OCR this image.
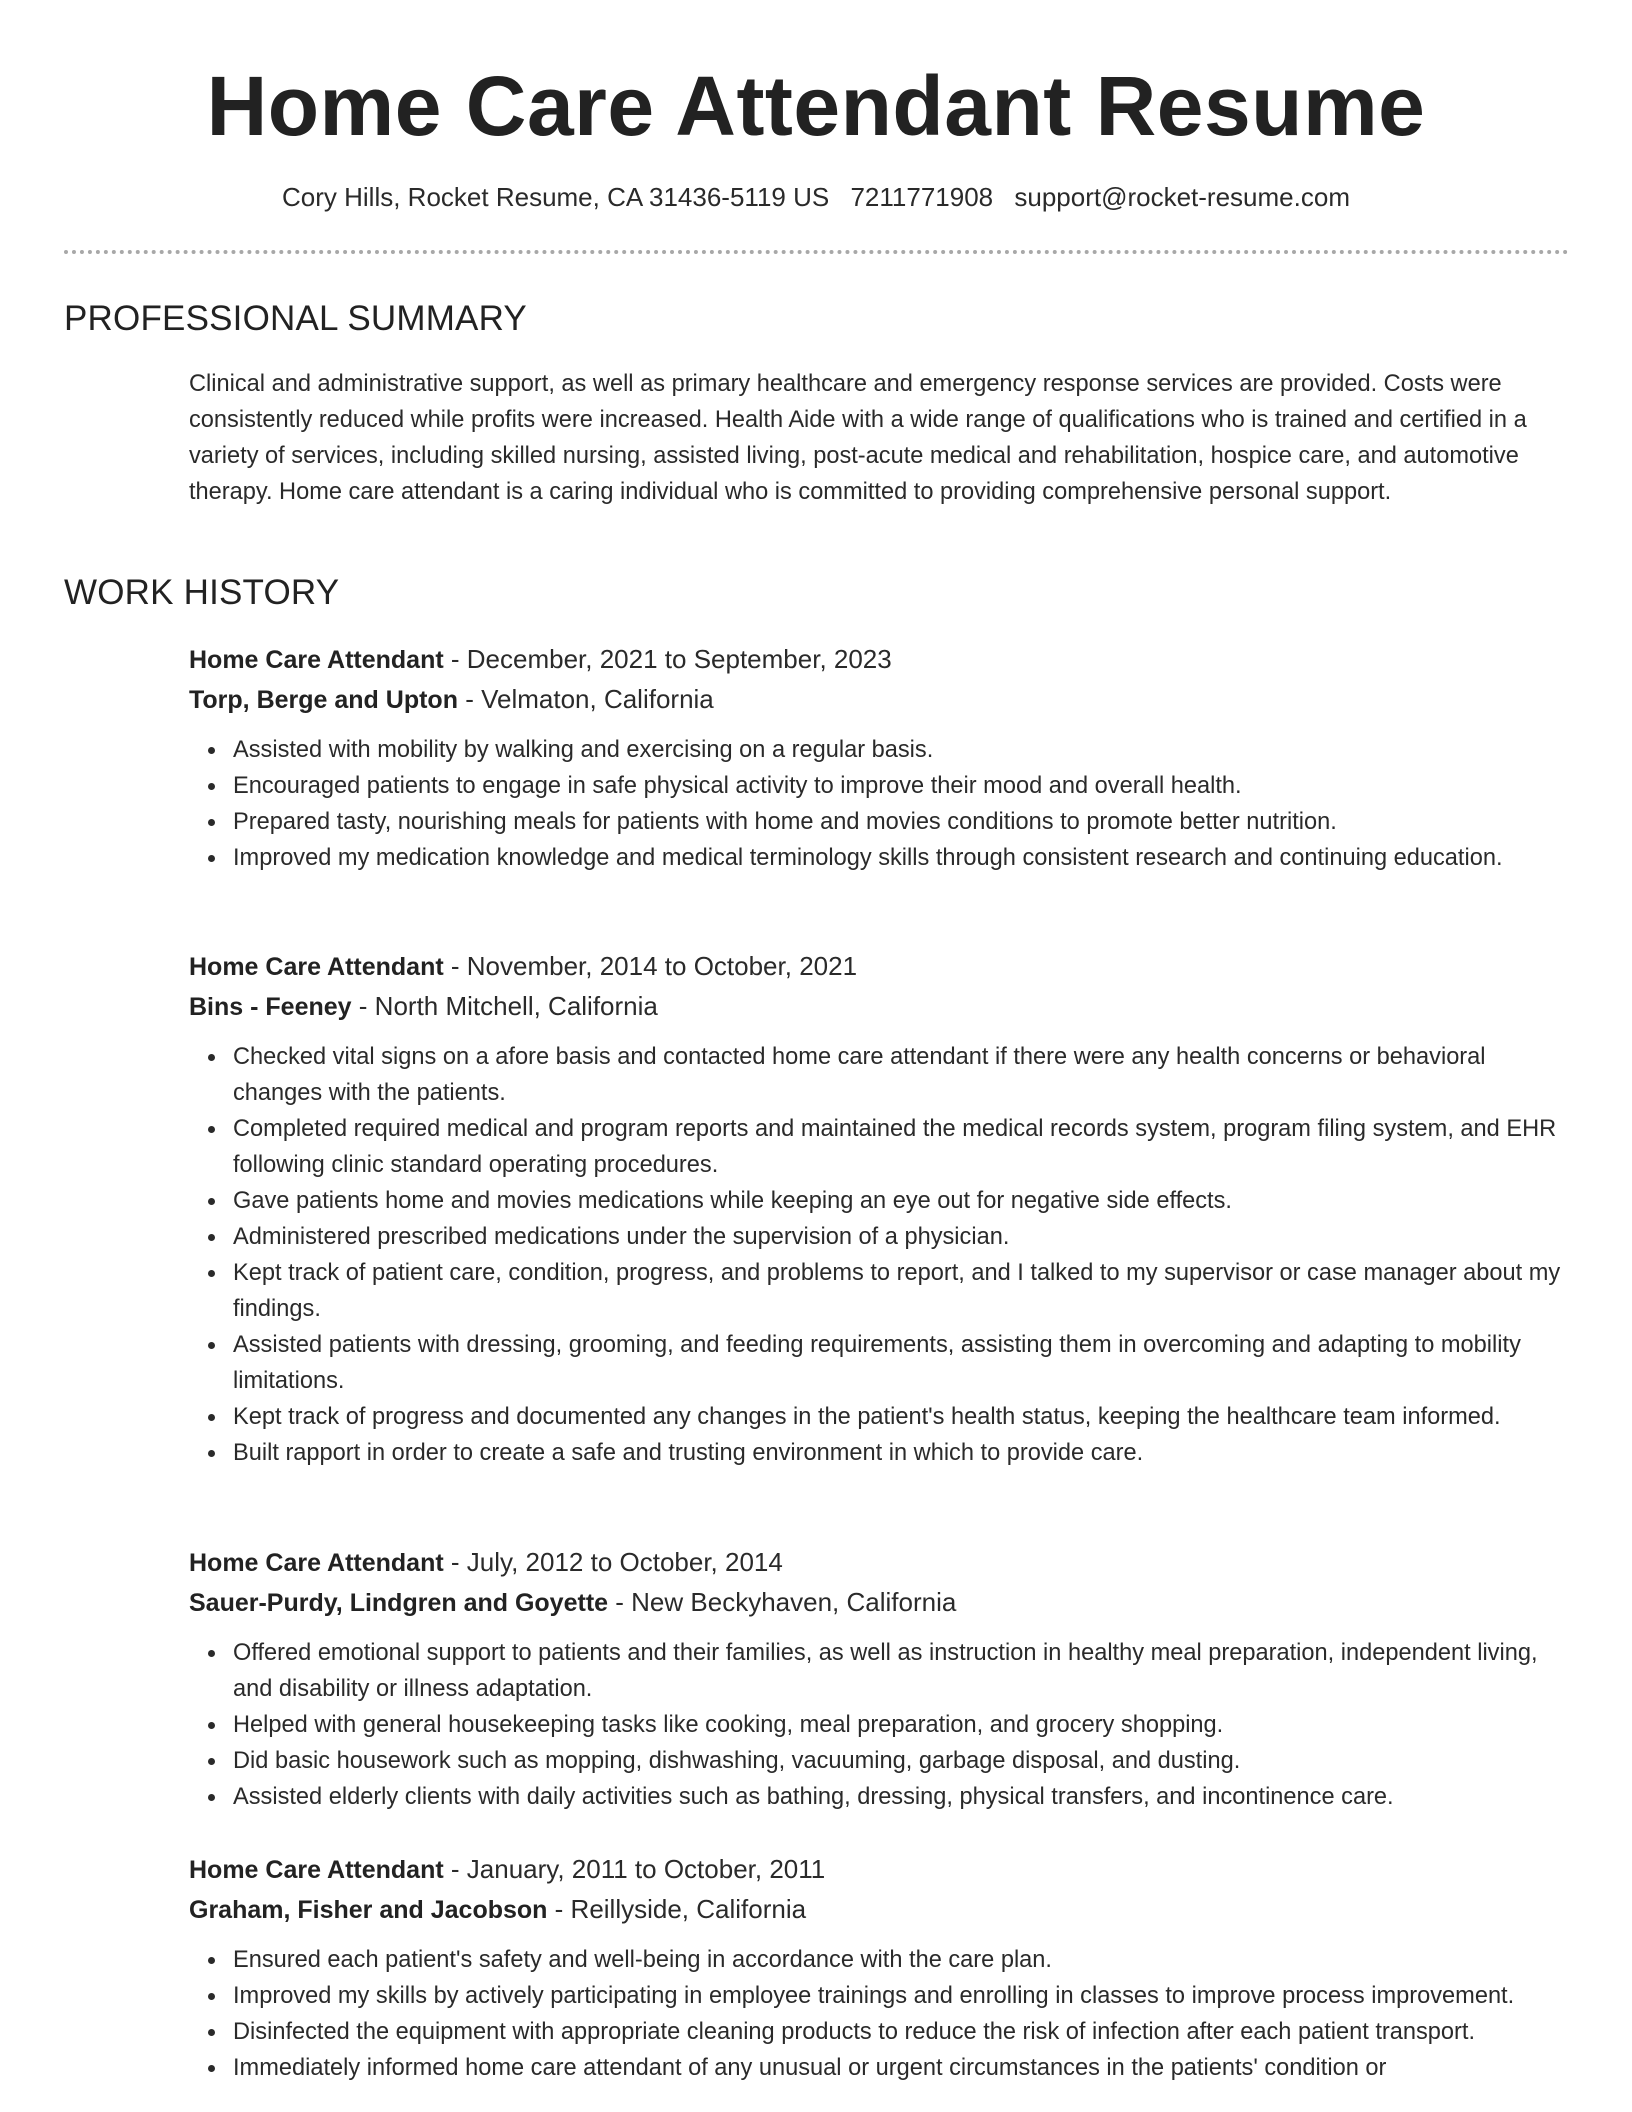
Home Care Attendant Resume
Cory Hills, Rocket Resume, CA 31436-5119 US 7211771908 support@rocket-resume.com
PROFESSIONAL SUMMARY

Clinical and administrative support, as well as primary healthcare and emergency response services are provided. Costs were consistently reduced while profits were increased. Health Aide with a wide range of qualifications who is trained and certified in a variety of services, including skilled nursing, assisted living, post-acute medical and rehabilitation, hospice care, and automotive therapy. Home care attendant is a caring individual who is committed to providing comprehensive personal support.

WORK HISTORY
Home Care Attendant - December, 2021 to September, 2023
Torp, Berge and Upton - Velmaton, California
Assisted with mobility by walking and exercising on a regular basis.
Encouraged patients to engage in safe physical activity to improve their mood and overall health.
Prepared tasty, nourishing meals for patients with home and movies conditions to promote better nutrition.
Improved my medication knowledge and medical terminology skills through consistent research and continuing education.
Home Care Attendant - November, 2014 to October, 2021
Bins - Feeney - North Mitchell, California
Checked vital signs on a afore basis and contacted home care attendant if there were any health concerns or behavioral changes with the patients.
Completed required medical and program reports and maintained the medical records system, program filing system, and EHR following clinic standard operating procedures.
Gave patients home and movies medications while keeping an eye out for negative side effects.
Administered prescribed medications under the supervision of a physician.
Kept track of patient care, condition, progress, and problems to report, and I talked to my supervisor or case manager about my findings.
Assisted patients with dressing, grooming, and feeding requirements, assisting them in overcoming and adapting to mobility limitations.
Kept track of progress and documented any changes in the patient's health status, keeping the healthcare team informed.
Built rapport in order to create a safe and trusting environment in which to provide care.
Home Care Attendant - July, 2012 to October, 2014
Sauer-Purdy, Lindgren and Goyette - New Beckyhaven, California
Offered emotional support to patients and their families, as well as instruction in healthy meal preparation, independent living, and disability or illness adaptation.
Helped with general housekeeping tasks like cooking, meal preparation, and grocery shopping.
Did basic housework such as mopping, dishwashing, vacuuming, garbage disposal, and dusting.
Assisted elderly clients with daily activities such as bathing, dressing, physical transfers, and incontinence care.
Home Care Attendant - January, 2011 to October, 2011
Graham, Fisher and Jacobson - Reillyside, California
Ensured each patient's safety and well-being in accordance with the care plan.
Improved my skills by actively participating in employee trainings and enrolling in classes to improve process improvement.
Disinfected the equipment with appropriate cleaning products to reduce the risk of infection after each patient transport.
Immediately informed home care attendant of any unusual or urgent circumstances in the patients' condition or
